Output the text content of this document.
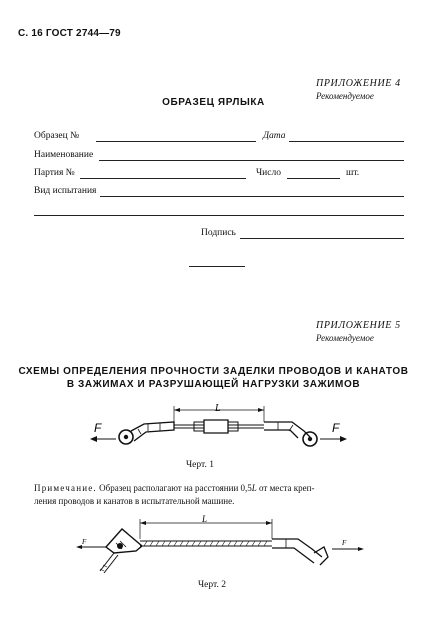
С. 16 ГОСТ 2744—79
ПРИЛОЖЕНИЕ 4
Рекомендуемое
ОБРАЗЕЦ ЯРЛЫКА
Образец №	Дата
Наименование
Партия №	Число	шт.
Вид испытания
Подпись
ПРИЛОЖЕНИЕ 5
Рекомендуемое
СХЕМЫ ОПРЕДЕЛЕНИЯ ПРОЧНОСТИ ЗАДЕЛКИ ПРОВОДОВ И КАНАТОВ
В ЗАЖИМАХ И РАЗРУШАЮЩЕЙ НАГРУЗКИ ЗАЖИМОВ
L
F	F
Черт. 1
Примечание. Образец располагают на расстоянии 0,5L от места креп-
ления проводов и канатов в испытательной машине.
L
F	F
Черт. 2
